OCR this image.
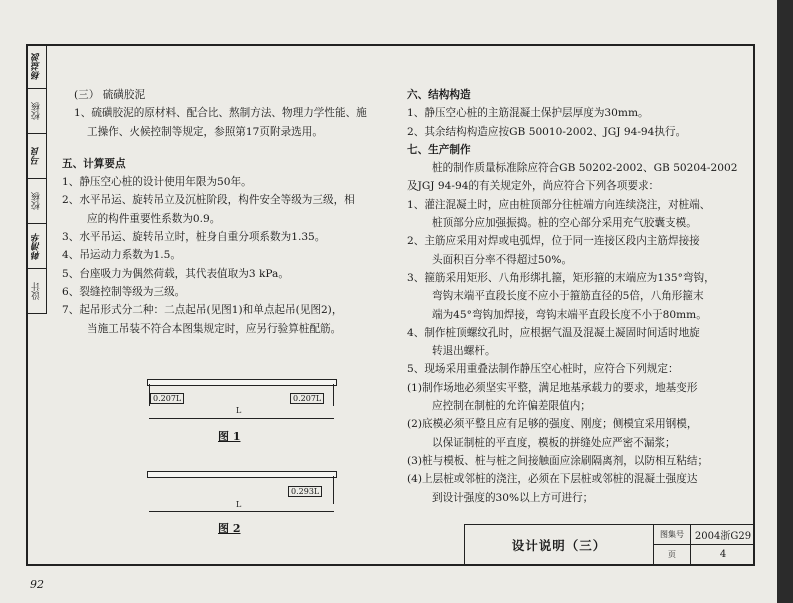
杨益波
校核
马良
校核
韩清华
设计

(三） 硫磺胶泥

1、硫磺胶泥的原材料、配合比、熬制方法、物理力学性能、施

工操作、火候控制等规定，参照第17页附录选用。

五、计算要点

1、静压空心桩的设计使用年限为50年。

2、水平吊运、旋转吊立及沉桩阶段，构件安全等级为三级，相

应的构件重要性系数为0.9。

3、水平吊运、旋转吊立时，桩身自重分项系数为1.35。

4、吊运动力系数为1.5。

5、台座吸力为偶然荷载，其代表值取为3 kPa。

6、裂缝控制等级为三级。

7、起吊形式分二种：二点起吊(见图1)和单点起吊(见图2)，

当施工吊装不符合本图集规定时，应另行验算桩配筋。

0.207L	0.207L
L
图 1
0.293L
L
图 2

六、结构构造

1、静压空心桩的主筋混凝土保护层厚度为30mm。

2、其余结构构造应按GB 50010-2002、JGJ 94-94执行。

七、生产制作

桩的制作质量标准除应符合GB 50202-2002、GB 50204-2002

及JGJ 94-94的有关规定外，尚应符合下列各项要求：

1、灌注混凝土时，应由桩顶部分往桩端方向连续浇注，对桩端、

桩顶部分应加强振捣。桩的空心部分采用充气胶囊支模。

2、主筋应采用对焊或电弧焊，位于同一连接区段内主筋焊接接

头面积百分率不得超过50%。

3、箍筋采用矩形、八角形绑扎箍，矩形箍的末端应为135°弯钩，

弯钩末端平直段长度不应小于箍筋直径的5倍，八角形箍末

端为45°弯钩加焊接，弯钩末端平直段长度不小于80mm。

4、制作桩顶螺纹孔时，应根据气温及混凝土凝固时间适时地旋

转退出螺杆。

5、现场采用重叠法制作静压空心桩时，应符合下列规定：

(1)制作场地必须坚实平整，满足地基承载力的要求，地基变形

应控制在制桩的允许偏差限值内；

(2)底模必须平整且应有足够的强度、刚度；侧模宜采用钢模，

以保证制桩的平直度，模板的拼缝处应严密不漏浆；

(3)桩与模板、桩与桩之间接触面应涂刷隔离剂，以防相互粘结；

(4)上层桩或邻桩的浇注，必须在下层桩或邻桩的混凝土强度达

到设计强度的30%以上方可进行；

设计说明（三）
图集号	2004浙G29
页	4
92
